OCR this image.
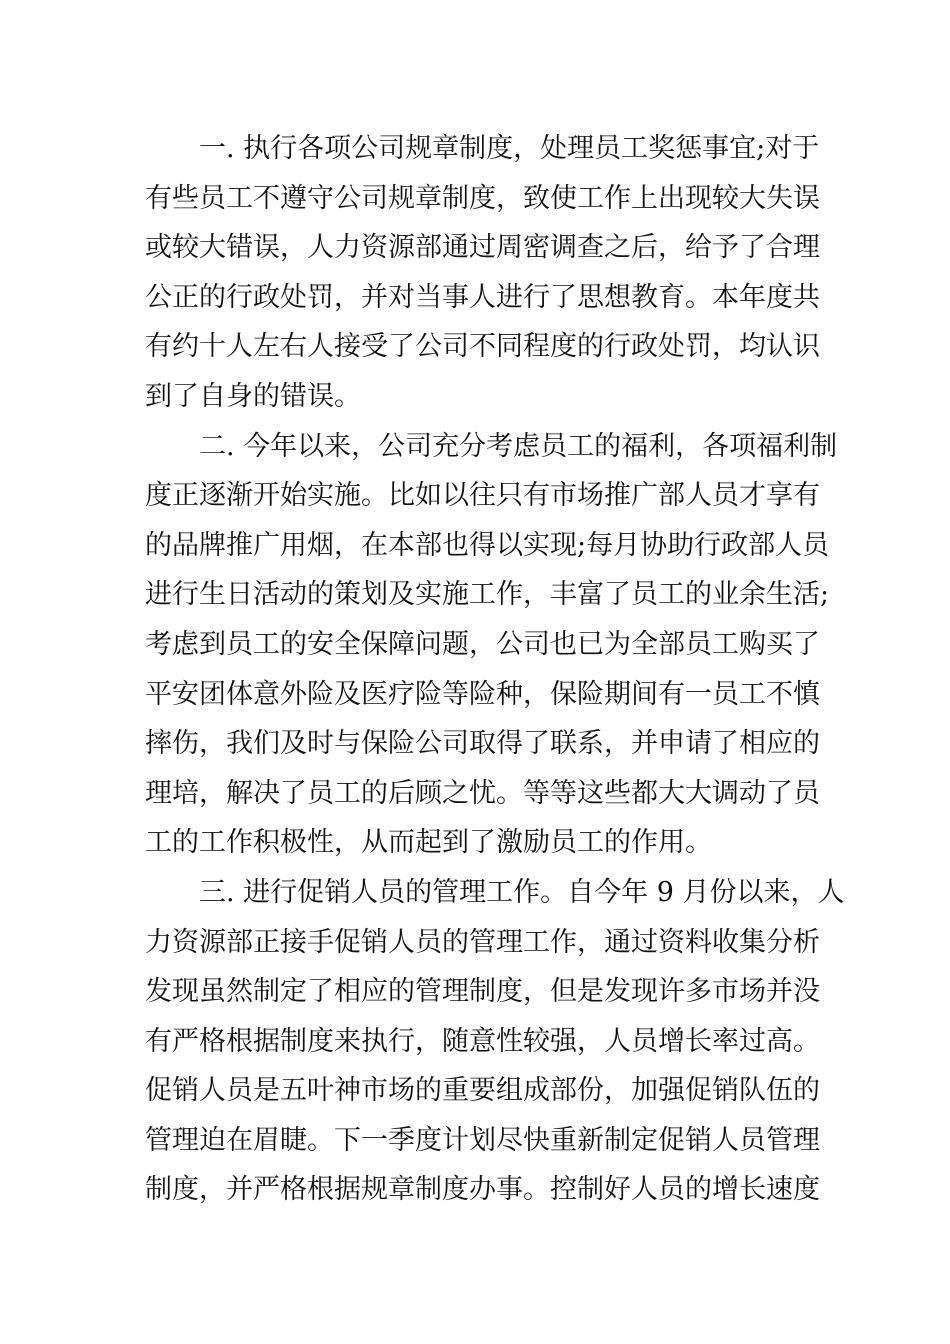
一. 执行各项公司规章制度，处理员工奖惩事宜;对于
有些员工不遵守公司规章制度，致使工作上出现较大失误
或较大错误，人力资源部通过周密调查之后，给予了合理
公正的行政处罚，并对当事人进行了思想教育。本年度共
有约十人左右人接受了公司不同程度的行政处罚，均认识
到了自身的错误。
二. 今年以来，公司充分考虑员工的福利，各项福利制
度正逐渐开始实施。比如以往只有市场推广部人员才享有
的品牌推广用烟，在本部也得以实现;每月协助行政部人员
进行生日活动的策划及实施工作，丰富了员工的业余生活;
考虑到员工的安全保障问题，公司也已为全部员工购买了
平安团体意外险及医疗险等险种，保险期间有一员工不慎
摔伤，我们及时与保险公司取得了联系，并申请了相应的
理培，解决了员工的后顾之忧。等等这些都大大调动了员
工的工作积极性，从而起到了激励员工的作用。
三. 进行促销人员的管理工作。自今年 9 月份以来，人
力资源部正接手促销人员的管理工作，通过资料收集分析
发现虽然制定了相应的管理制度，但是发现许多市场并没
有严格根据制度来执行，随意性较强，人员增长率过高。
促销人员是五叶神市场的重要组成部份，加强促销队伍的
管理迫在眉睫。下一季度计划尽快重新制定促销人员管理
制度，并严格根据规章制度办事。控制好人员的增长速度
